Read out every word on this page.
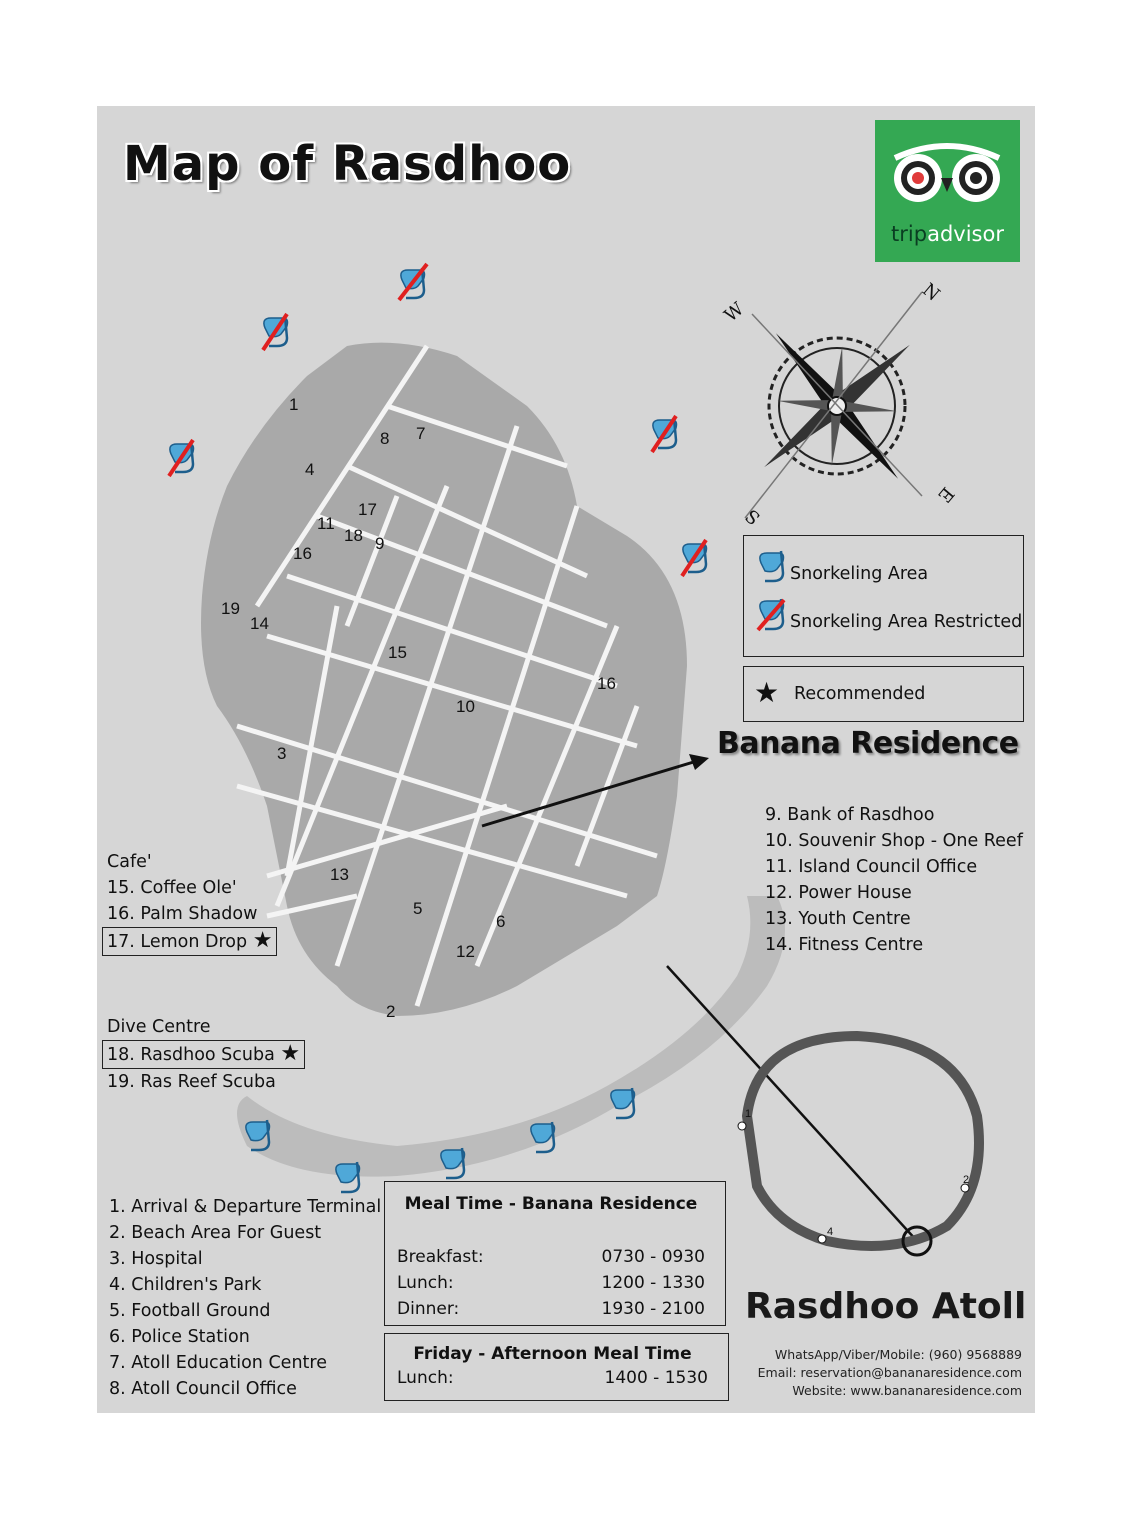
Map of Rasdhoo
tripadvisor
1
2
3
4
5
6
7
8
9
10
11
12
13
14
15
16
16
17
18
19
W
N
S
E
Snorkeling Area
Snorkeling Area Restricted
★ Recommended
Banana Residence
9. Bank of Rasdhoo
10. Souvenir Shop - One Reef
11. Island Council Office
12. Power House
13. Youth Centre
14. Fitness Centre
Cafe'
15. Coffee Ole'
16. Palm Shadow
17. Lemon Drop ★
Dive Centre
18. Rasdhoo Scuba ★
19. Ras Reef Scuba
1. Arrival & Departure Terminal
2. Beach Area For Guest
3. Hospital
4. Children's Park
5. Football Ground
6. Police Station
7. Atoll Education Centre
8. Atoll Council Office
Meal Time - Banana Residence
Breakfast:	0730 - 0930
Lunch:	1200 - 1330
Dinner:	1930 - 2100
Friday - Afternoon Meal Time
Lunch:	1400 - 1530
1
2
4
Rasdhoo Atoll
WhatsApp/Viber/Mobile: (960) 9568889
Email: reservation@bananaresidence.com
Website: www.bananaresidence.com
